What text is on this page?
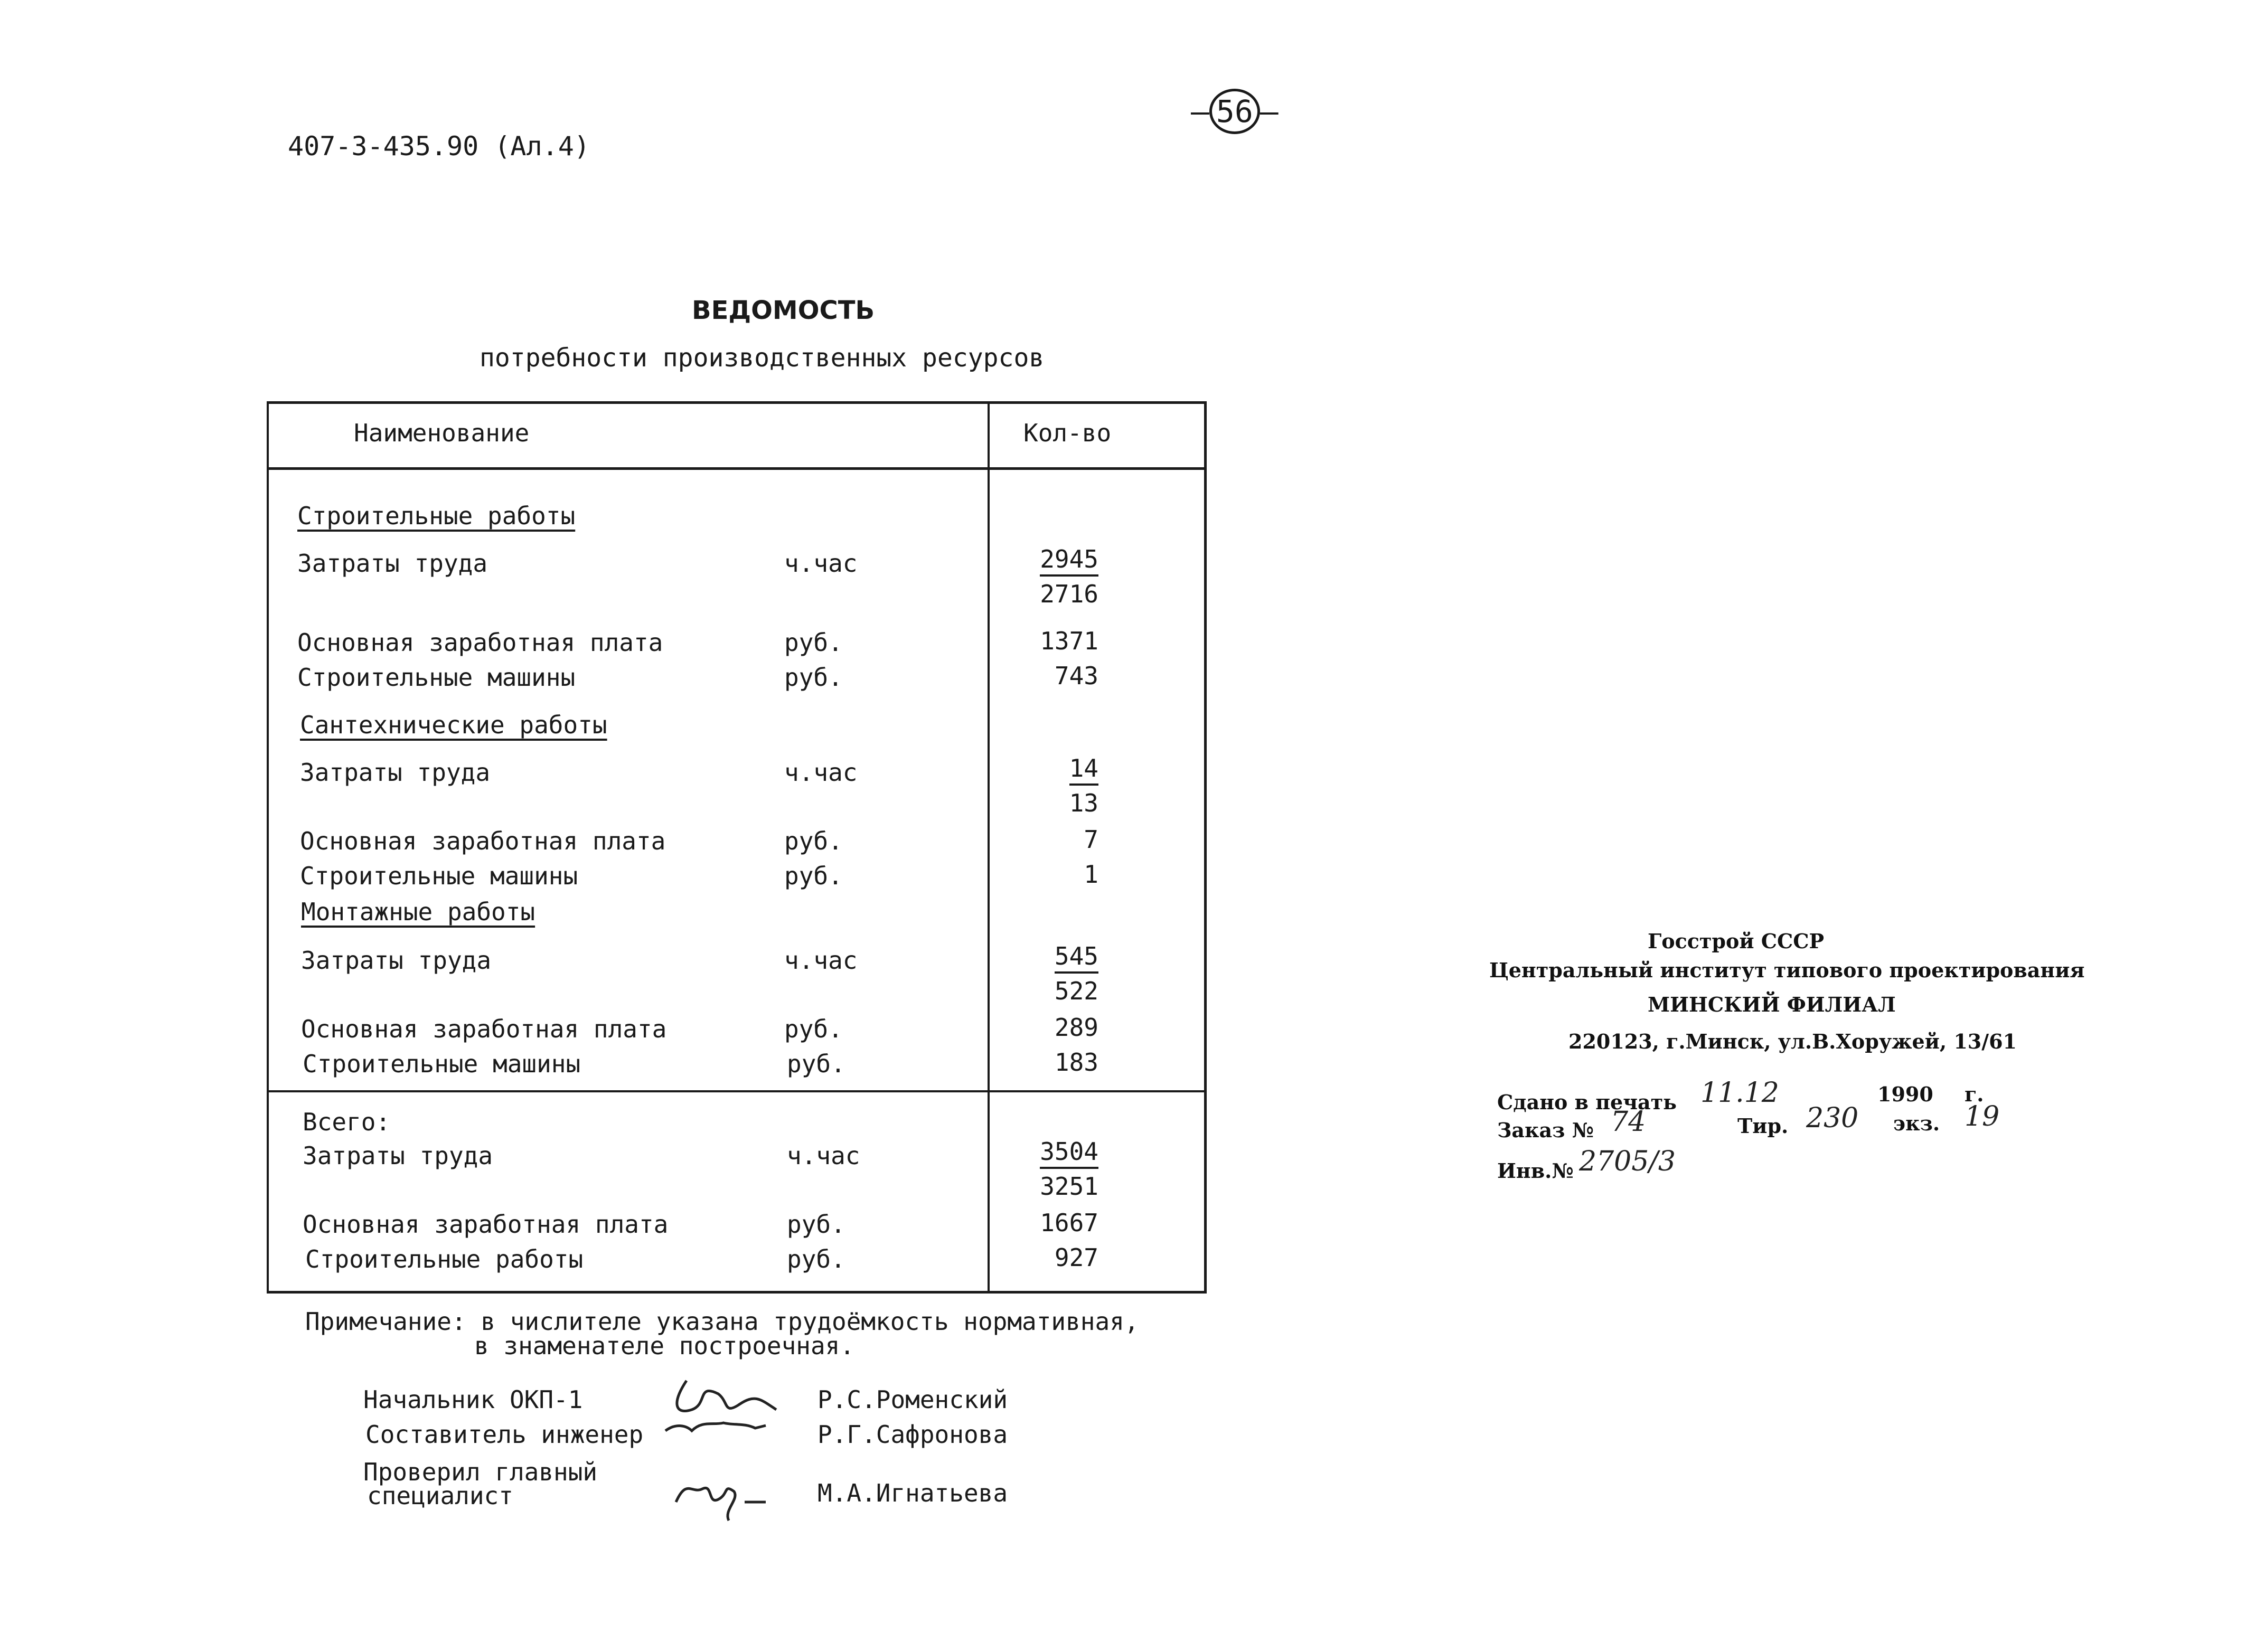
407-3-435.90 (Ал.4)
– 56 –
ВЕДОМОСТЬ
потребности производственных ресурсов
Наименование	Кол-во
Строительные работы
Затраты труда	ч.час	2945
2716
Основная заработная плата	руб.	1371
Строительные машины	руб.	743
Сантехнические работы
Затраты труда	ч.час	14
13
Основная заработная плата	руб.	7
Строительные машины	руб.	1
Монтажные работы
Затраты труда	ч.час	545
522
Основная заработная плата	руб.	289
Строительные машины	руб.	183
Всего:
Затраты труда	ч.час	3504
3251
Основная заработная плата	руб.	1667
Строительные работы	руб.	927
Примечание: в числителе указана трудоёмкость нормативная,
в знаменателе построечная.
Начальник ОКП-1	Р.С.Роменский
Составитель инженер	Р.Г.Сафронова
Проверил главный
специалист	М.А.Игнатьева
Госстрой СССР
Центральный институт типового проектирования
МИНСКИЙ ФИЛИАЛ
220123, г.Минск, ул.В.Хоружей, 13/61
Сдано в печать 11.12	1990 г.
Заказ № 74	Тир. 230 экз. 19
Инв.№ 2705/3
